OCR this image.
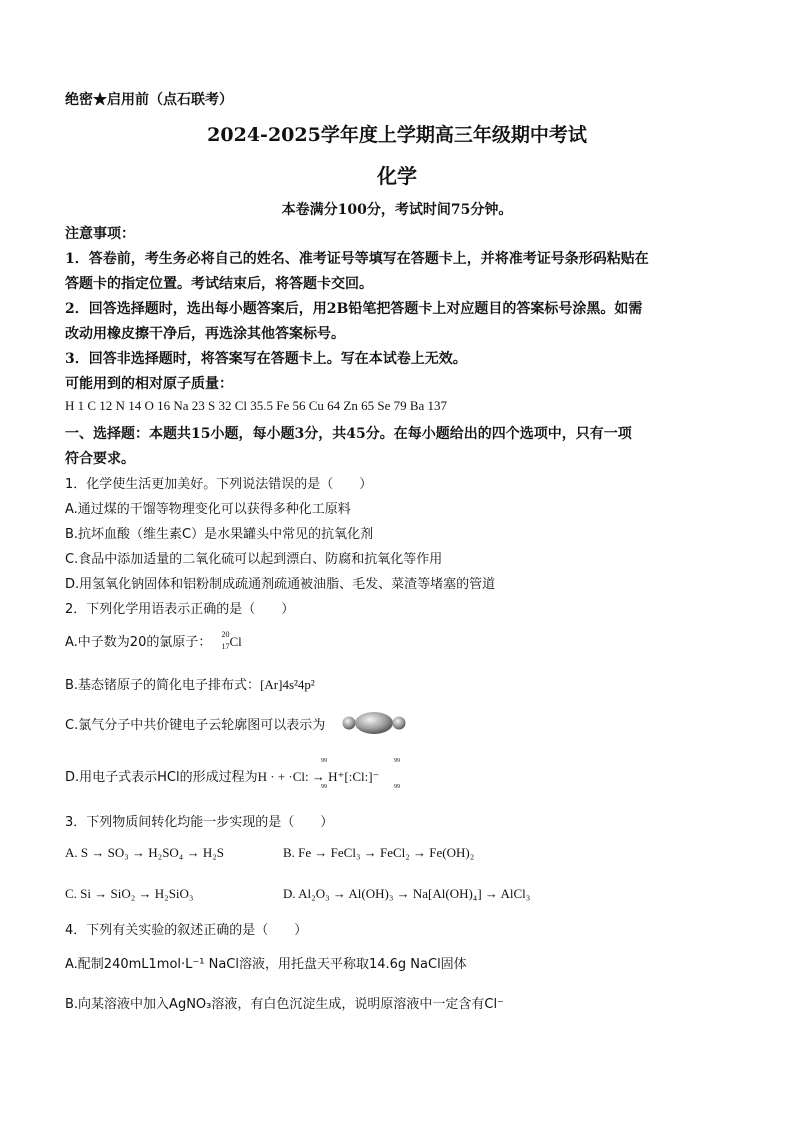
绝密★启用前（点石联考）
2024-2025学年度上学期高三年级期中考试
化学
本卷满分100分，考试时间75分钟。
注意事项：
1．答卷前，考生务必将自己的姓名、准考证号等填写在答题卡上，并将准考证号条形码粘贴在
答题卡的指定位置。考试结束后，将答题卡交回。
2．回答选择题时，选出每小题答案后，用2B铅笔把答题卡上对应题目的答案标号涂黑。如需
改动用橡皮擦干净后，再选涂其他答案标号。
3．回答非选择题时，将答案写在答题卡上。写在本试卷上无效。
可能用到的相对原子质量：
H 1 C 12 N 14 O 16 Na 23 S 32 Cl 35.5 Fe 56 Cu 64 Zn 65 Se 79 Ba 137
一、选择题：本题共15小题，每小题3分，共45分。在每小题给出的四个选项中，只有一项
符合要求。
1．化学使生活更加美好。下列说法错误的是（　　）
A.通过煤的干馏等物理变化可以获得多种化工原料
B.抗坏血酸（维生素C）是水果罐头中常见的抗氧化剂
C.食品中添加适量的二氧化硫可以起到漂白、防腐和抗氧化等作用
D.用氢氧化钠固体和铝粉制成疏通剂疏通被油脂、毛发、菜渣等堵塞的管道
2．下列化学用语表示正确的是（　　）
A.中子数为20的氯原子：
20
17 Cl
B.基态锗原子的简化电子排布式：[Ar]4s²4p²
C.氯气分子中共价键电子云轮廓图可以表示为
D.用电子式表示HCl的形成过程为H · + ·Cl: → H⁺[:Cl:]⁻
99
99
99
99
3．下列物质间转化均能一步实现的是（　　）
A. S → SO₃ → H₂SO₄ → H₂S	B. Fe → FeCl₃ → FeCl₂ → Fe(OH)₂
C. Si → SiO₂ → H₂SiO₃	D. Al₂O₃ → Al(OH)₃ → Na[Al(OH)₄] → AlCl₃
4．下列有关实验的叙述正确的是（　　）
A.配制240mL1mol·L⁻¹ NaCl溶液，用托盘天平称取14.6g NaCl固体
B.向某溶液中加入AgNO₃溶液，有白色沉淀生成，说明原溶液中一定含有Cl⁻
